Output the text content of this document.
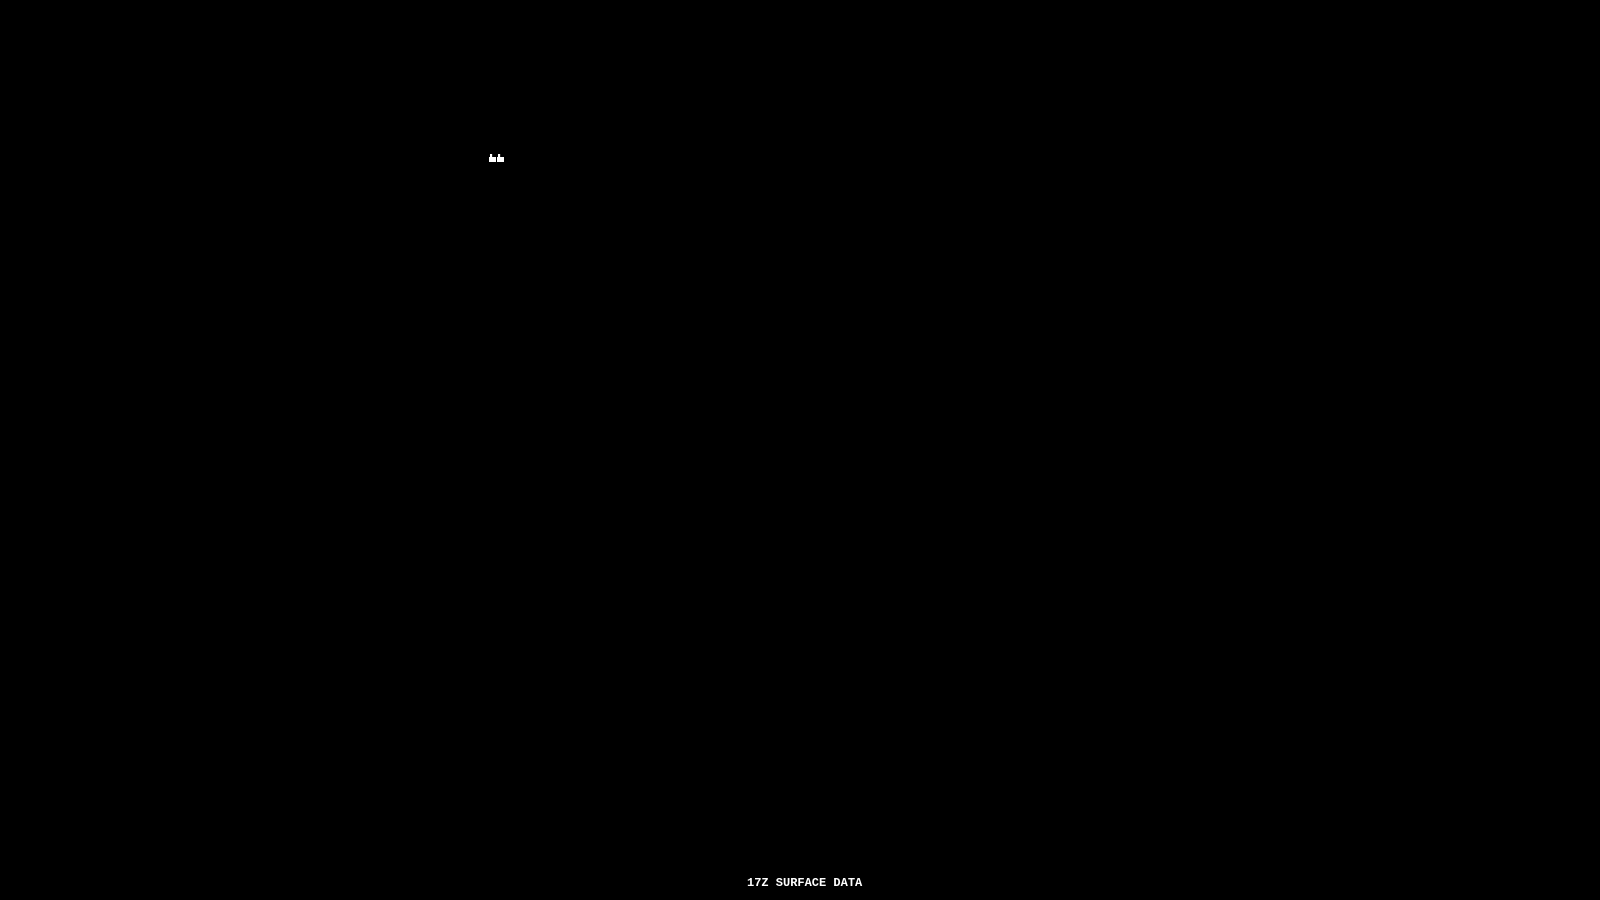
17Z SURFACE DATA
